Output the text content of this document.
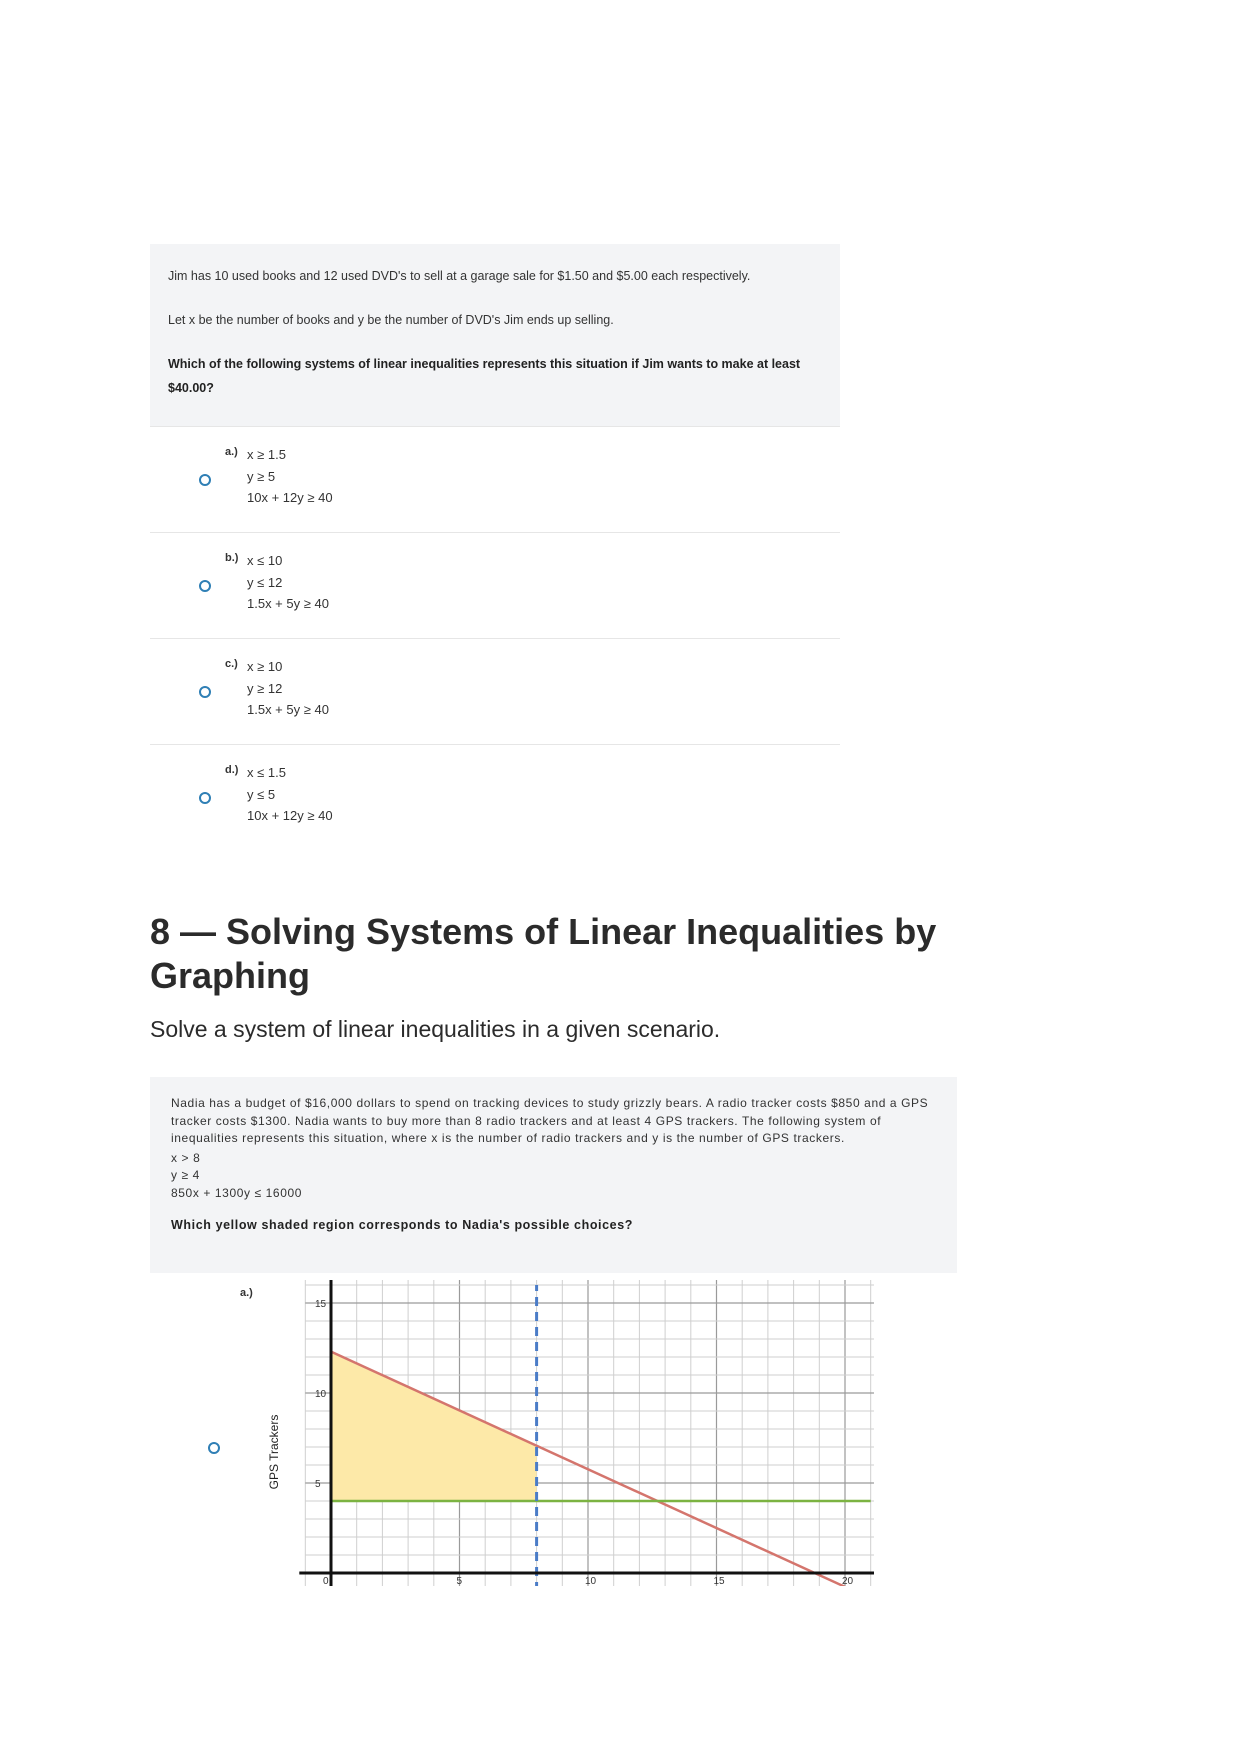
Jim has 10 used books and 12 used DVD's to sell at a garage sale for $1.50 and $5.00 each respectively.

Let x be the number of books and y be the number of DVD's Jim ends up selling.

Which of the following systems of linear inequalities represents this situation if Jim wants to make at least $40.00?

a.) x ≥ 1.5
y ≥ 5
10x + 12y ≥ 40
b.) x ≤ 10
y ≤ 12
1.5x + 5y ≥ 40
c.) x ≥ 10
y ≥ 12
1.5x + 5y ≥ 40
d.) x ≤ 1.5
y ≤ 5
10x + 12y ≥ 40
8 — Solving Systems of Linear Inequalities by Graphing

Solve a system of linear inequalities in a given scenario.

Nadia has a budget of $16,000 dollars to spend on tracking devices to study grizzly bears. A radio tracker costs $850 and a GPS tracker costs $1300. Nadia wants to buy more than 8 radio trackers and at least 4 GPS trackers. The following system of inequalities represents this situation, where x is the number of radio trackers and y is the number of GPS trackers.
x > 8
y ≥ 4
850x + 1300y ≤ 16000
Which yellow shaded region corresponds to Nadia's possible choices?
a.)
0	5	10	15	20
5
10
15
GPS Trackers
